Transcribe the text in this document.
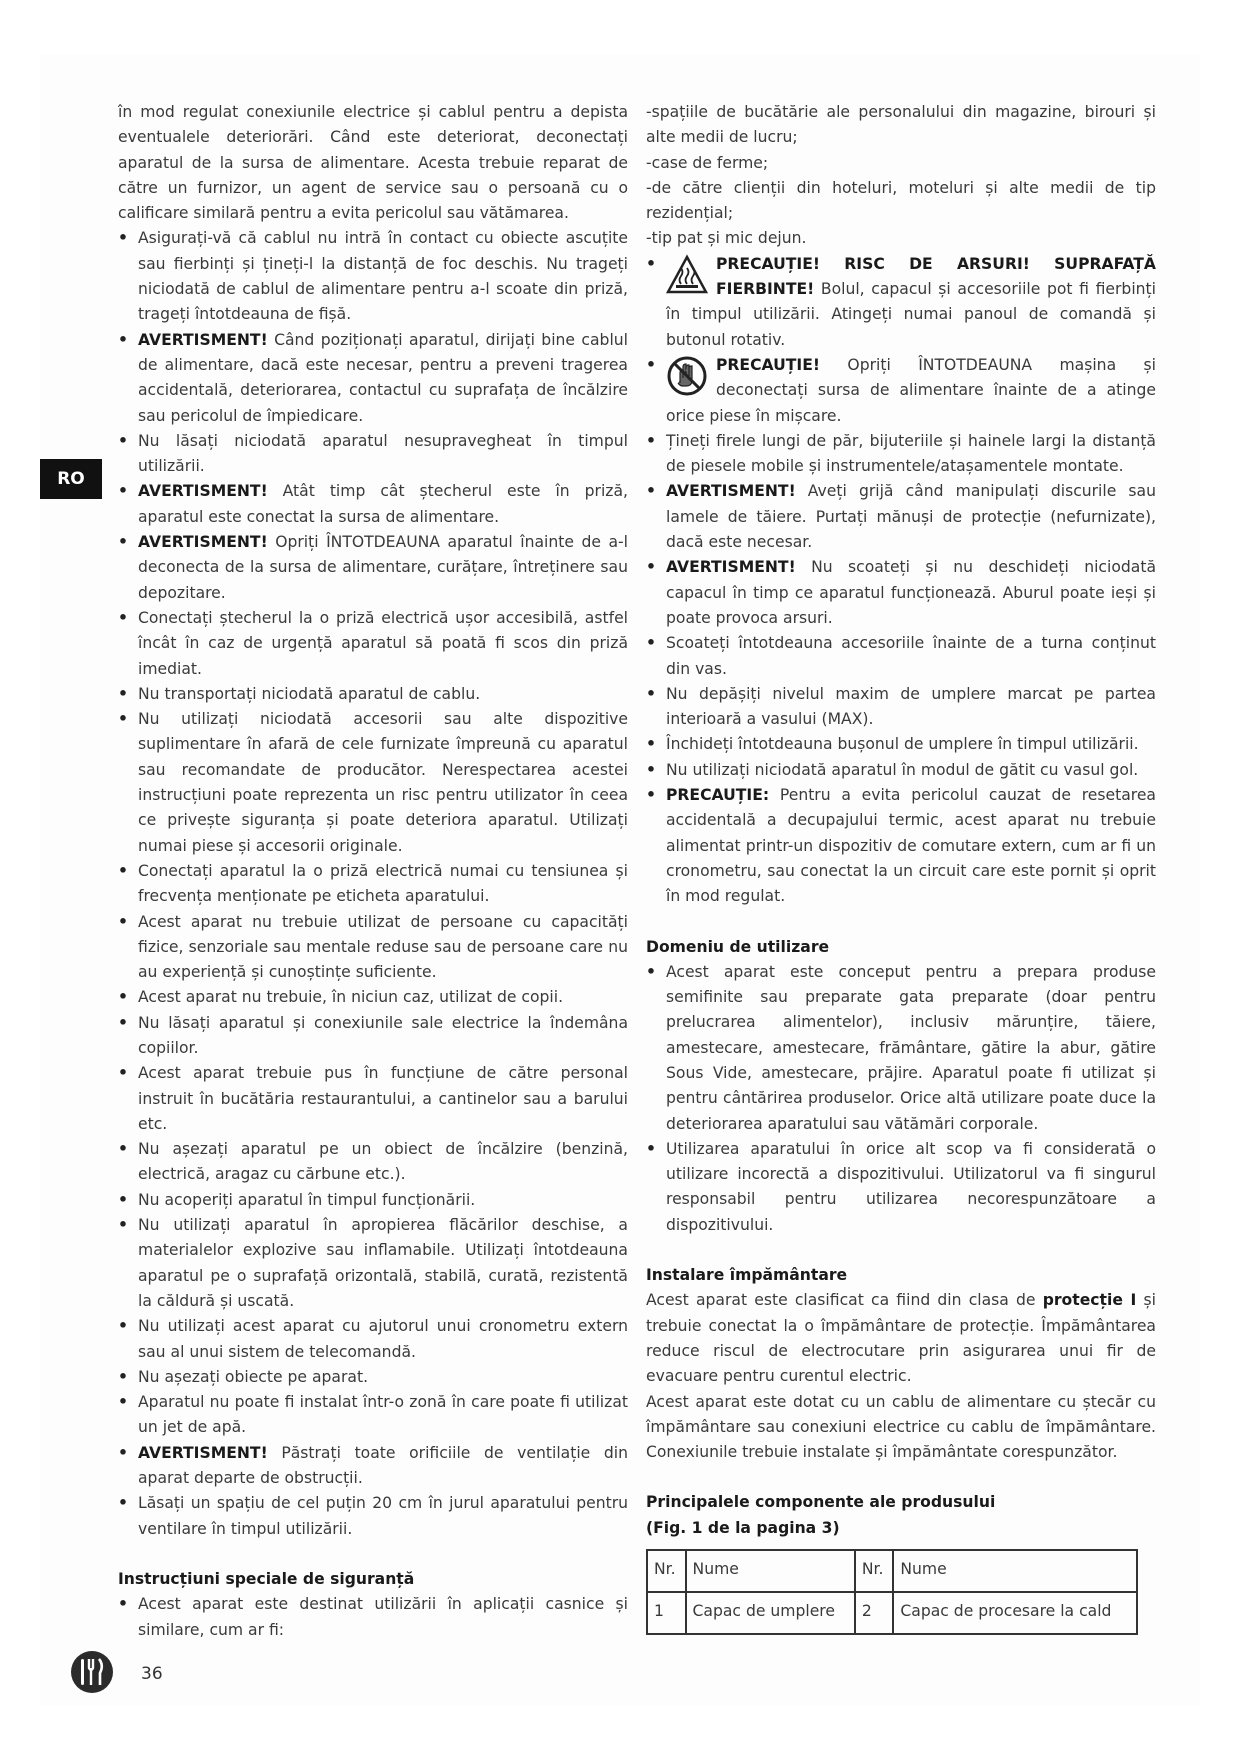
RO

în mod regulat conexiunile electrice și cablul pentru a depista eventualele deteriorări. Când este deteriorat, deconectați aparatul de la sursa de alimentare. Acesta trebuie reparat de către un furnizor, un agent de service sau o persoană cu o calificare similară pentru a evita pericolul sau vătămarea.

• Asigurați-vă că cablul nu intră în contact cu obiecte ascuțite sau fierbinți și țineți-l la distanță de foc deschis. Nu trageți niciodată de cablul de alimentare pentru a-l scoate din priză, trageți întotdeauna de fișă.

• AVERTISMENT! Când poziționați aparatul, dirijați bine cablul de alimentare, dacă este necesar, pentru a preveni tragerea accidentală, deteriorarea, contactul cu suprafața de încălzire sau pericolul de împiedicare.

• Nu lăsați niciodată aparatul nesupravegheat în timpul utilizării.

• AVERTISMENT! Atât timp cât ștecherul este în priză, aparatul este conectat la sursa de alimentare.

• AVERTISMENT! Opriți ÎNTOTDEAUNA aparatul înainte de a-l deconecta de la sursa de alimentare, curățare, întreținere sau depozitare.

• Conectați ștecherul la o priză electrică ușor accesibilă, astfel încât în caz de urgență aparatul să poată fi scos din priză imediat.

• Nu transportați niciodată aparatul de cablu.

• Nu utilizați niciodată accesorii sau alte dispozitive suplimentare în afară de cele furnizate împreună cu aparatul sau recomandate de producător. Nerespectarea acestei instrucțiuni poate reprezenta un risc pentru utilizator în ceea ce privește siguranța și poate deteriora aparatul. Utilizați numai piese și accesorii originale.

• Conectați aparatul la o priză electrică numai cu tensiunea și frecvența menționate pe eticheta aparatului.

• Acest aparat nu trebuie utilizat de persoane cu capacități fizice, senzoriale sau mentale reduse sau de persoane care nu au experiență și cunoștințe suficiente.

• Acest aparat nu trebuie, în niciun caz, utilizat de copii.

• Nu lăsați aparatul și conexiunile sale electrice la îndemâna copiilor.

• Acest aparat trebuie pus în funcțiune de către personal instruit în bucătăria restaurantului, a cantinelor sau a barului etc.

• Nu așezați aparatul pe un obiect de încălzire (benzină, electrică, aragaz cu cărbune etc.).

• Nu acoperiți aparatul în timpul funcționării.

• Nu utilizați aparatul în apropierea flăcărilor deschise, a materialelor explozive sau inflamabile. Utilizați întotdeauna aparatul pe o suprafață orizontală, stabilă, curată, rezistentă la căldură și uscată.

• Nu utilizați acest aparat cu ajutorul unui cronometru extern sau al unui sistem de telecomandă.

• Nu așezați obiecte pe aparat.

• Aparatul nu poate fi instalat într-o zonă în care poate fi utilizat un jet de apă.

• AVERTISMENT! Păstrați toate orificiile de ventilație din aparat departe de obstrucții.

• Lăsați un spațiu de cel puțin 20 cm în jurul aparatului pentru ventilare în timpul utilizării.

Instrucțiuni speciale de siguranță

• Acest aparat este destinat utilizării în aplicații casnice și similare, cum ar fi:

-spațiile de bucătărie ale personalului din magazine, birouri și alte medii de lucru;

-case de ferme;

-de către clienții din hoteluri, moteluri și alte medii de tip rezidențial;

-tip pat și mic dejun.

• PRECAUȚIE! RISC DE ARSURI! SUPRAFAȚĂ FIERBINTE! Bolul, capacul și accesoriile pot fi fierbinți în timpul utilizării. Atingeți numai panoul de comandă și butonul rotativ.

• PRECAUȚIE! Opriți ÎNTOTDEAUNA mașina și deconectați sursa de alimentare înainte de a atinge orice piese în mișcare.

• Țineți firele lungi de păr, bijuteriile și hainele largi la distanță de piesele mobile și instrumentele/atașamentele montate.

• AVERTISMENT! Aveți grijă când manipulați discurile sau lamele de tăiere. Purtați mănuși de protecție (nefurnizate), dacă este necesar.

• AVERTISMENT! Nu scoateți și nu deschideți niciodată capacul în timp ce aparatul funcționează. Aburul poate ieși și poate provoca arsuri.

• Scoateți întotdeauna accesoriile înainte de a turna conținut din vas.

• Nu depășiți nivelul maxim de umplere marcat pe partea interioară a vasului (MAX).

• Închideți întotdeauna bușonul de umplere în timpul utilizării.

• Nu utilizați niciodată aparatul în modul de gătit cu vasul gol.

• PRECAUȚIE: Pentru a evita pericolul cauzat de resetarea accidentală a decupajului termic, acest aparat nu trebuie alimentat printr-un dispozitiv de comutare extern, cum ar fi un cronometru, sau conectat la un circuit care este pornit și oprit în mod regulat.

Domeniu de utilizare

• Acest aparat este conceput pentru a prepara produse semifinite sau preparate gata preparate (doar pentru prelucrarea alimentelor), inclusiv mărunțire, tăiere, amestecare, amestecare, frământare, gătire la abur, gătire Sous Vide, amestecare, prăjire. Aparatul poate fi utilizat și pentru cântărirea produselor. Orice altă utilizare poate duce la deteriorarea aparatului sau vătămări corporale.

• Utilizarea aparatului în orice alt scop va fi considerată o utilizare incorectă a dispozitivului. Utilizatorul va fi singurul responsabil pentru utilizarea necorespunzătoare a dispozitivului.

Instalare împământare

Acest aparat este clasificat ca fiind din clasa de protecție I și trebuie conectat la o împământare de protecție. Împământarea reduce riscul de electrocutare prin asigurarea unui fir de evacuare pentru curentul electric.

Acest aparat este dotat cu un cablu de alimentare cu ștecăr cu împământare sau conexiuni electrice cu cablu de împământare. Conexiunile trebuie instalate și împământate corespunzător.

Principalele componente ale produsului

(Fig. 1 de la pagina 3)

Nr.	Nume	Nr.	Nume
1	Capac de umplere	2	Capac de procesare la cald
36
